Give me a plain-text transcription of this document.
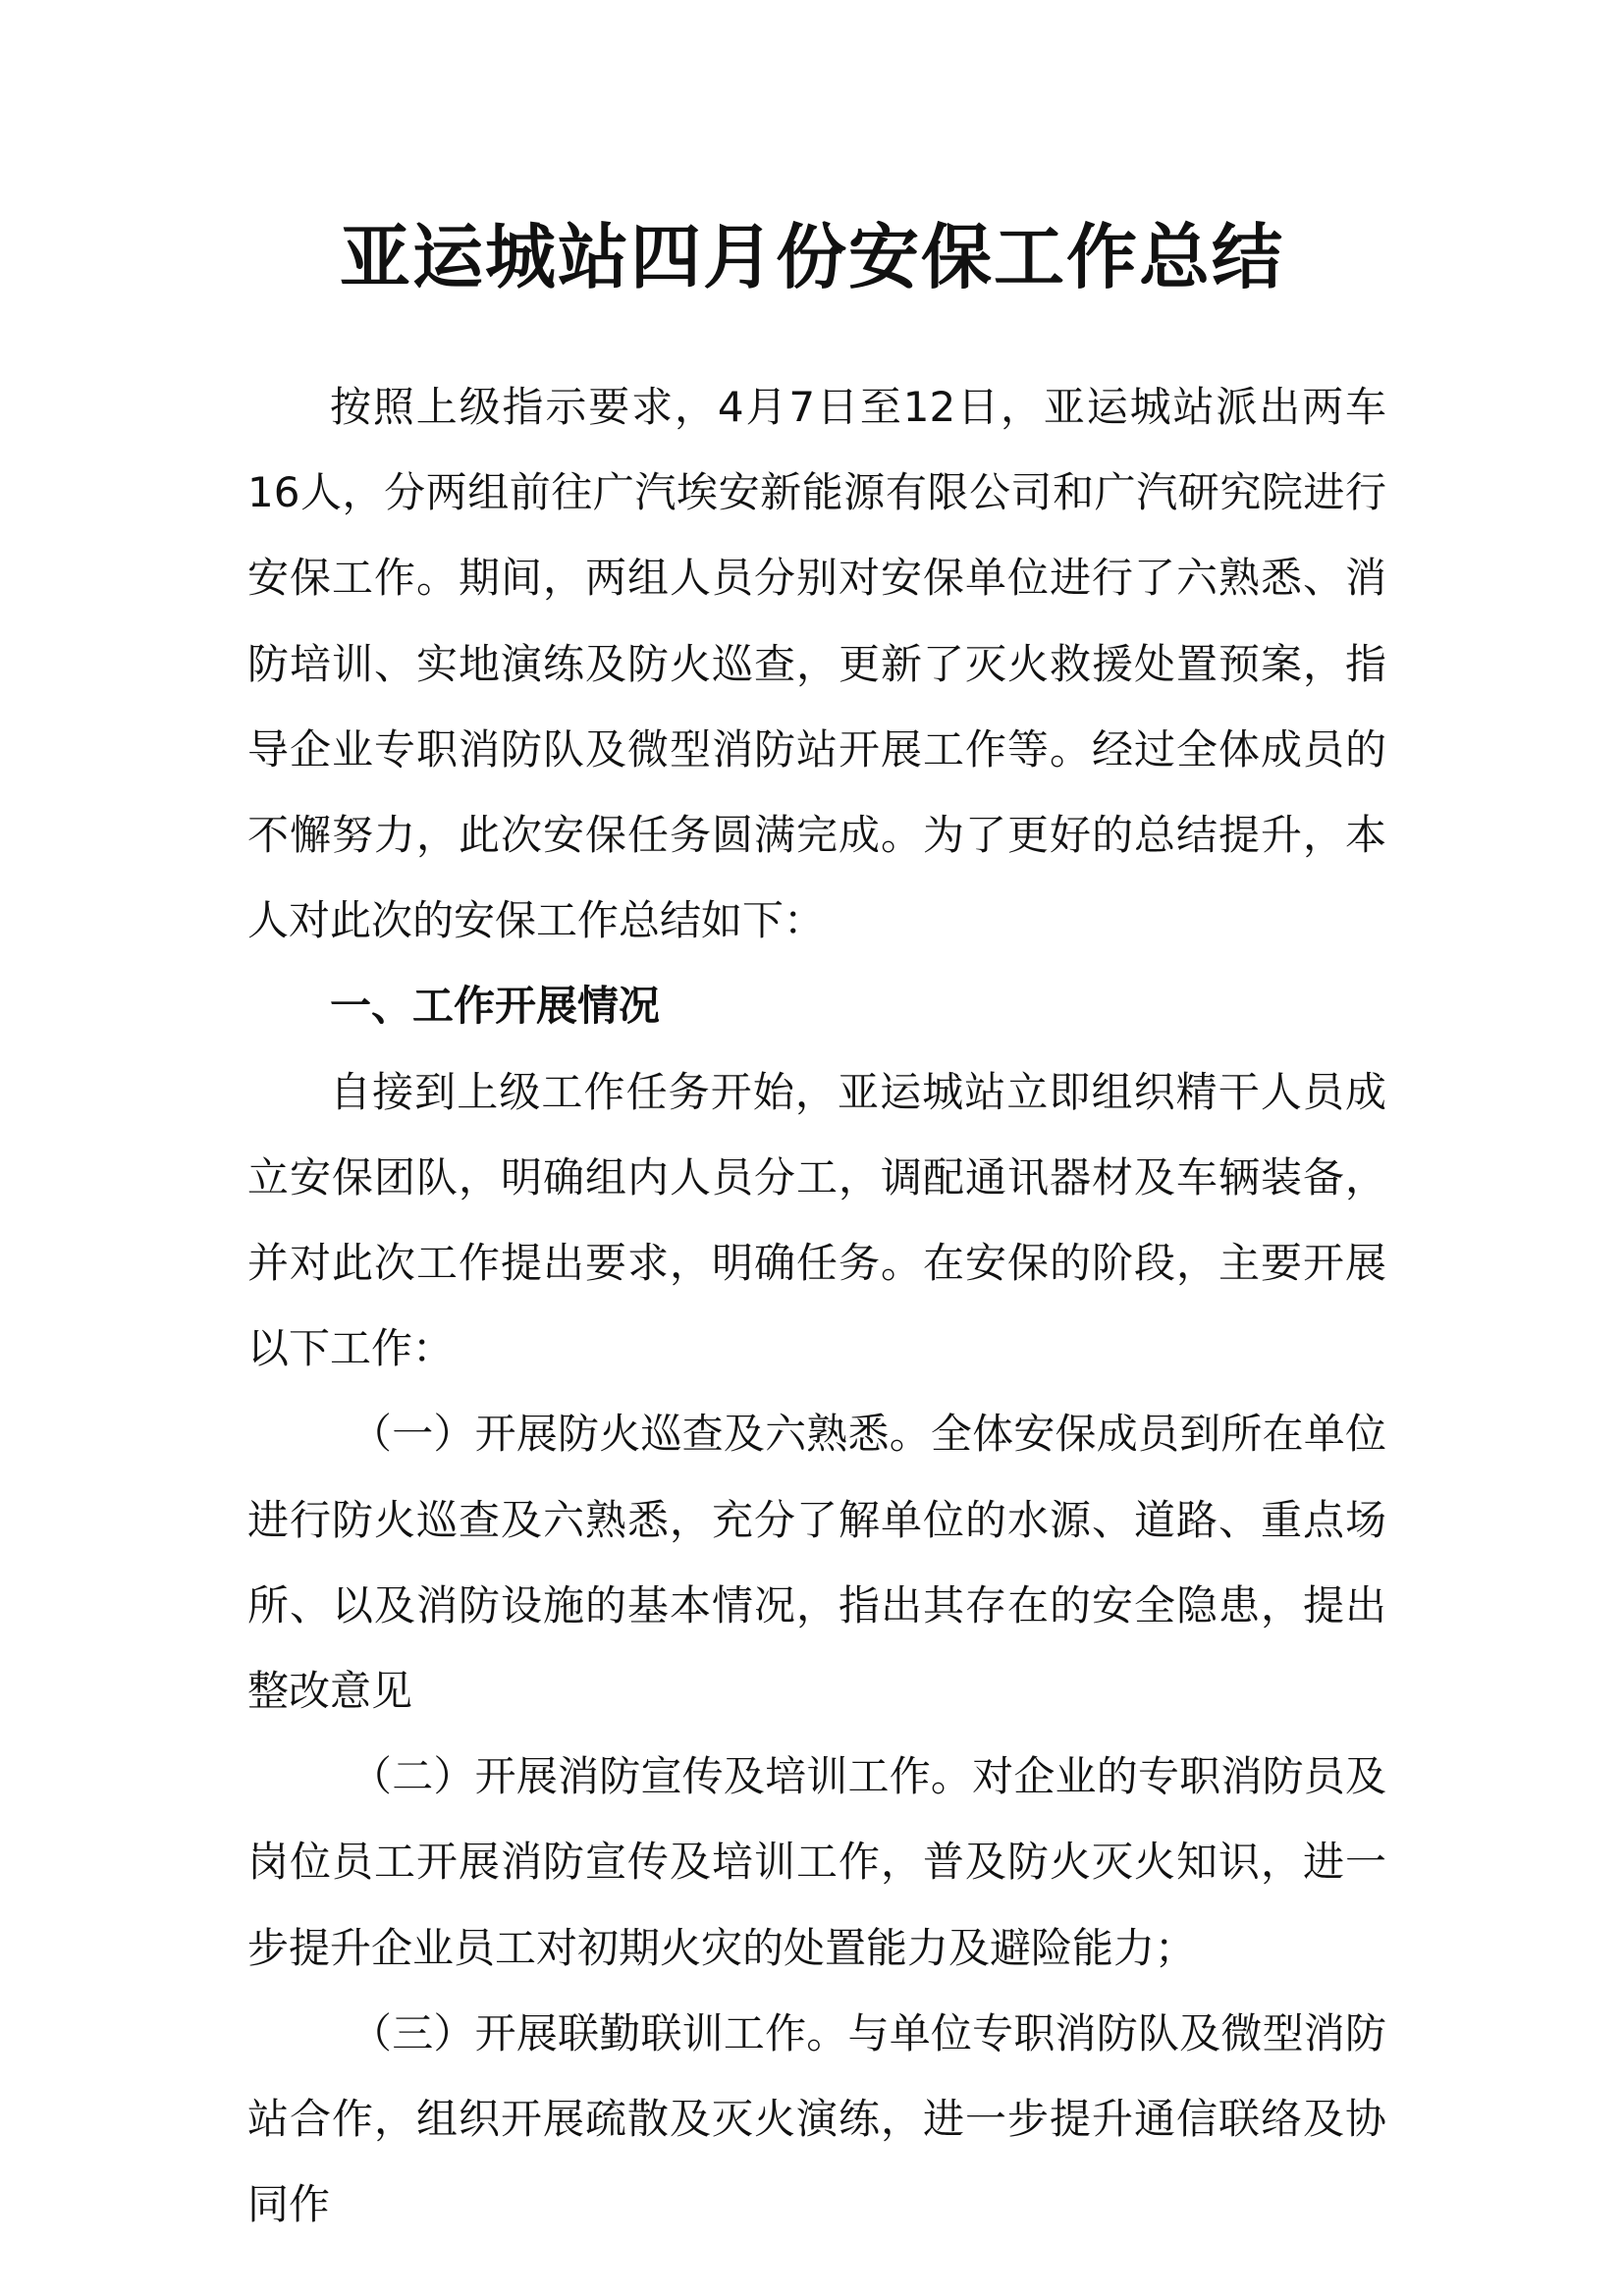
亚运城站四月份安保工作总结

按照上级指示要求，4月7日至12日，亚运城站派出两车16人，分两组前往广汽埃安新能源有限公司和广汽研究院进行安保工作。期间，两组人员分别对安保单位进行了六熟悉、消防培训、实地演练及防火巡查，更新了灭火救援处置预案，指导企业专职消防队及微型消防站开展工作等。经过全体成员的不懈努力，此次安保任务圆满完成。为了更好的总结提升，本人对此次的安保工作总结如下：

一、工作开展情况

自接到上级工作任务开始，亚运城站立即组织精干人员成立安保团队，明确组内人员分工，调配通讯器材及车辆装备，并对此次工作提出要求，明确任务。在安保的阶段，主要开展以下工作：

（一）开展防火巡查及六熟悉。全体安保成员到所在单位进行防火巡查及六熟悉，充分了解单位的水源、道路、重点场所、以及消防设施的基本情况，指出其存在的安全隐患，提出整改意见

（二）开展消防宣传及培训工作。对企业的专职消防员及岗位员工开展消防宣传及培训工作，普及防火灭火知识，进一步提升企业员工对初期火灾的处置能力及避险能力；

（三）开展联勤联训工作。与单位专职消防队及微型消防站合作，组织开展疏散及灭火演练，进一步提升通信联络及协同作
